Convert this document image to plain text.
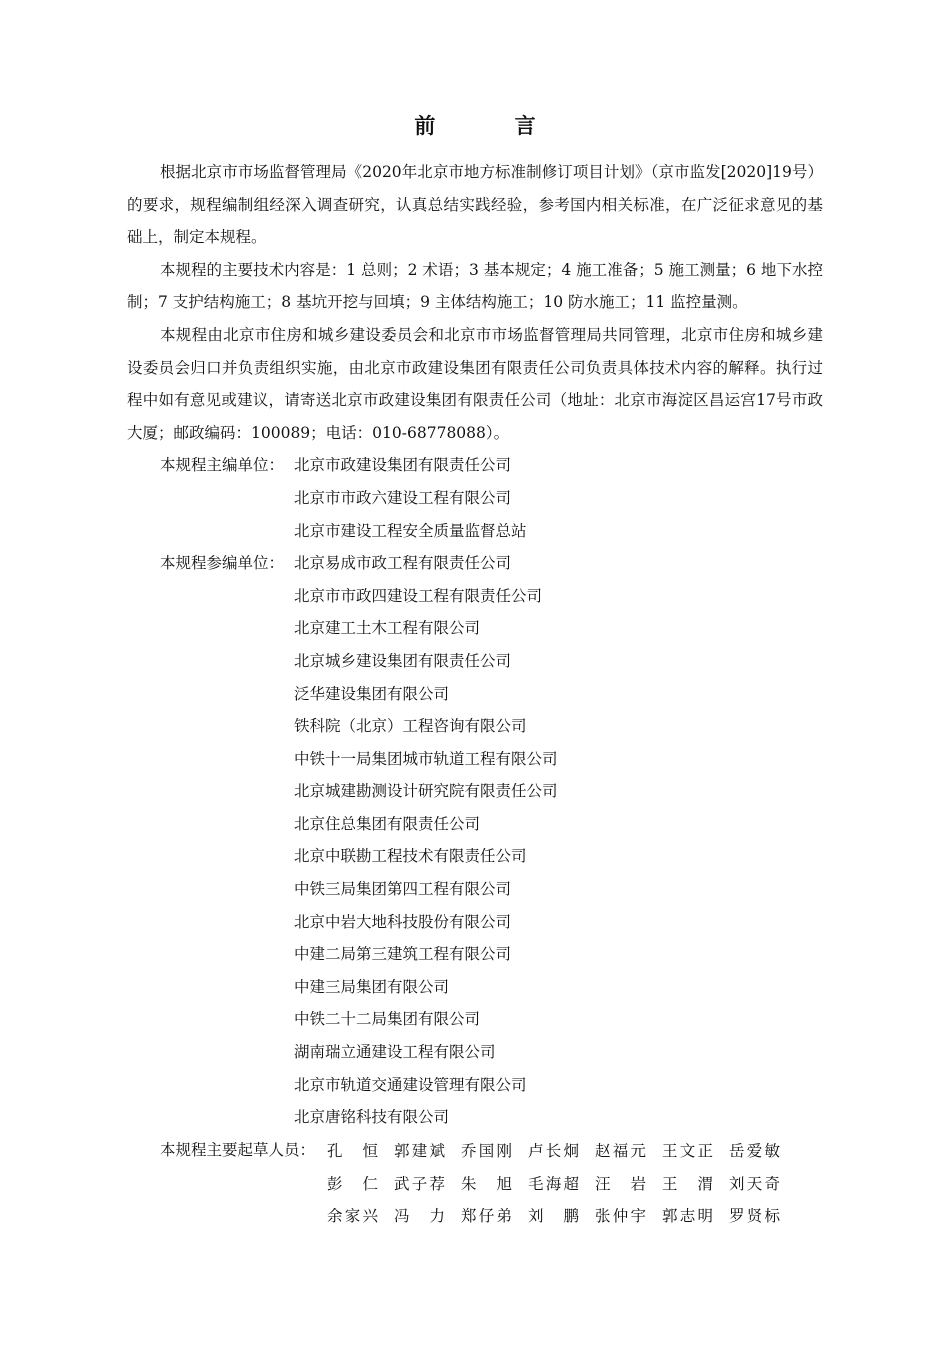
前 言

根据北京市市场监督管理局《2020年北京市地方标准制修订项目计划》（京市监发[2020]19号）的要求，规程编制组经深入调查研究，认真总结实践经验，参考国内相关标准，在广泛征求意见的基础上，制定本规程。

本规程的主要技术内容是：1 总则；2 术语；3 基本规定；4 施工准备；5 施工测量；6 地下水控制；7 支护结构施工；8 基坑开挖与回填；9 主体结构施工；10 防水施工；11 监控量测。

本规程由北京市住房和城乡建设委员会和北京市市场监督管理局共同管理，北京市住房和城乡建设委员会归口并负责组织实施，由北京市政建设集团有限责任公司负责具体技术内容的解释。执行过程中如有意见或建议，请寄送北京市政建设集团有限责任公司（地址：北京市海淀区昌运宫17号市政大厦；邮政编码：100089；电话：010-68778088）。

本规程主编单位： 北京市政建设集团有限责任公司
北京市市政六建设工程有限公司
北京市建设工程安全质量监督总站
本规程参编单位： 北京易成市政工程有限责任公司
北京市市政四建设工程有限责任公司
北京建工土木工程有限公司
北京城乡建设集团有限责任公司
泛华建设集团有限公司
铁科院（北京）工程咨询有限公司
中铁十一局集团城市轨道工程有限公司
北京城建勘测设计研究院有限责任公司
北京住总集团有限责任公司
北京中联勘工程技术有限责任公司
中铁三局集团第四工程有限公司
北京中岩大地科技股份有限公司
中建二局第三建筑工程有限公司
中建三局集团有限公司
中铁二十二局集团有限公司
湖南瑞立通建设工程有限公司
北京市轨道交通建设管理有限公司
北京唐铭科技有限公司
本规程主要起草人员： 孔 恒 郭建斌 乔国刚 卢长炯 赵福元 王文正 岳爱敏
彭 仁 武子荐 朱 旭 毛海超 汪 岩 王 渭 刘天奇
余家兴 冯 力 郑仔弟 刘 鹏 张仲宇 郭志明 罗贤标
